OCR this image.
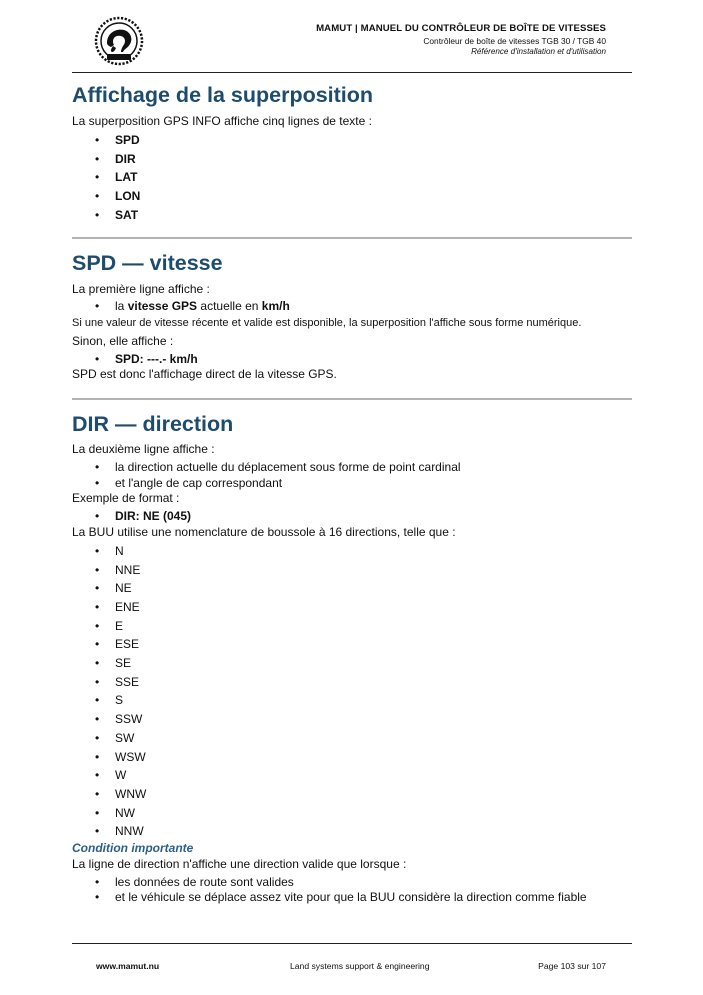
MAMUT | MANUEL DU CONTRÔLEUR DE BOÎTE DE VITESSES
Contrôleur de boîte de vitesses TGB 30 / TGB 40
Référence d'installation et d'utilisation
Affichage de la superposition

La superposition GPS INFO affiche cinq lignes de texte :

• SPD
• DIR
• LAT
• LON
• SAT
SPD — vitesse

La première ligne affiche :

• la vitesse GPS actuelle en km/h

Si une valeur de vitesse récente et valide est disponible, la superposition l'affiche sous forme numérique.

Sinon, elle affiche :

• SPD: ---.- km/h

SPD est donc l'affichage direct de la vitesse GPS.

DIR — direction

La deuxième ligne affiche :

• la direction actuelle du déplacement sous forme de point cardinal
• et l'angle de cap correspondant

Exemple de format :

• DIR: NE (045)

La BUU utilise une nomenclature de boussole à 16 directions, telle que :

• N
• NNE
• NE
• ENE
• E
• ESE
• SE
• SSE
• S
• SSW
• SW
• WSW
• W
• WNW
• NW
• NNW

Condition importante

La ligne de direction n'affiche une direction valide que lorsque :

• les données de route sont valides
• et le véhicule se déplace assez vite pour que la BUU considère la direction comme fiable
www.mamut.nu	Land systems support & engineering	Page 103 sur 107
